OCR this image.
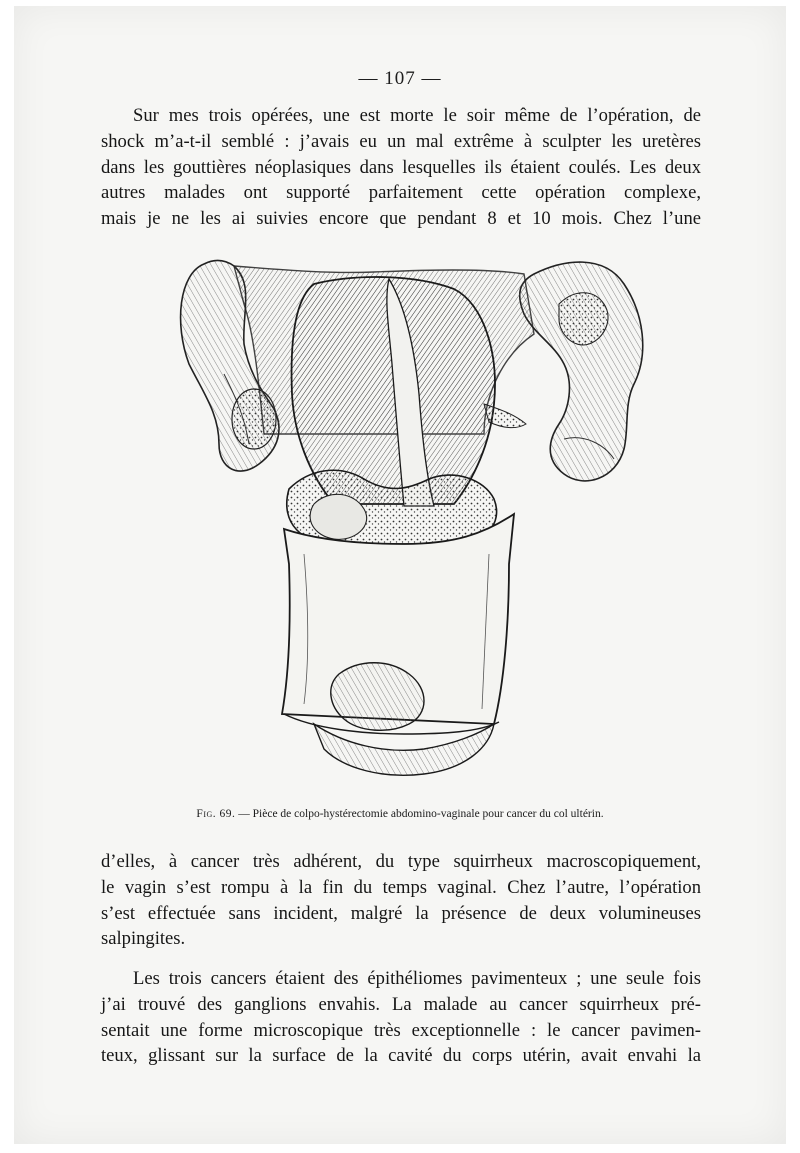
— 107 —
Sur mes trois opérées, une est morte le soir même de l’opération, de
shock m’a-t-il semblé : j’avais eu un mal extrême à sculpter les uretères
dans les gouttières néoplasiques dans lesquelles ils étaient coulés. Les deux
autres malades ont supporté parfaitement cette opération complexe,
mais je ne les ai suivies encore que pendant 8 et 10 mois. Chez l’une
Fig. 69. — Pièce de colpo-hystérectomie abdomino-vaginale pour cancer du col ultérin.
d’elles, à cancer très adhérent, du type squirrheux macroscopiquement,
le vagin s’est rompu à la fin du temps vaginal. Chez l’autre, l’opération
s’est effectuée sans incident, malgré la présence de deux volumineuses
salpingites.
Les trois cancers étaient des épithéliomes pavimenteux ; une seule fois
j’ai trouvé des ganglions envahis. La malade au cancer squirrheux pré-
sentait une forme microscopique très exceptionnelle : le cancer pavimen-
teux, glissant sur la surface de la cavité du corps utérin, avait envahi la
